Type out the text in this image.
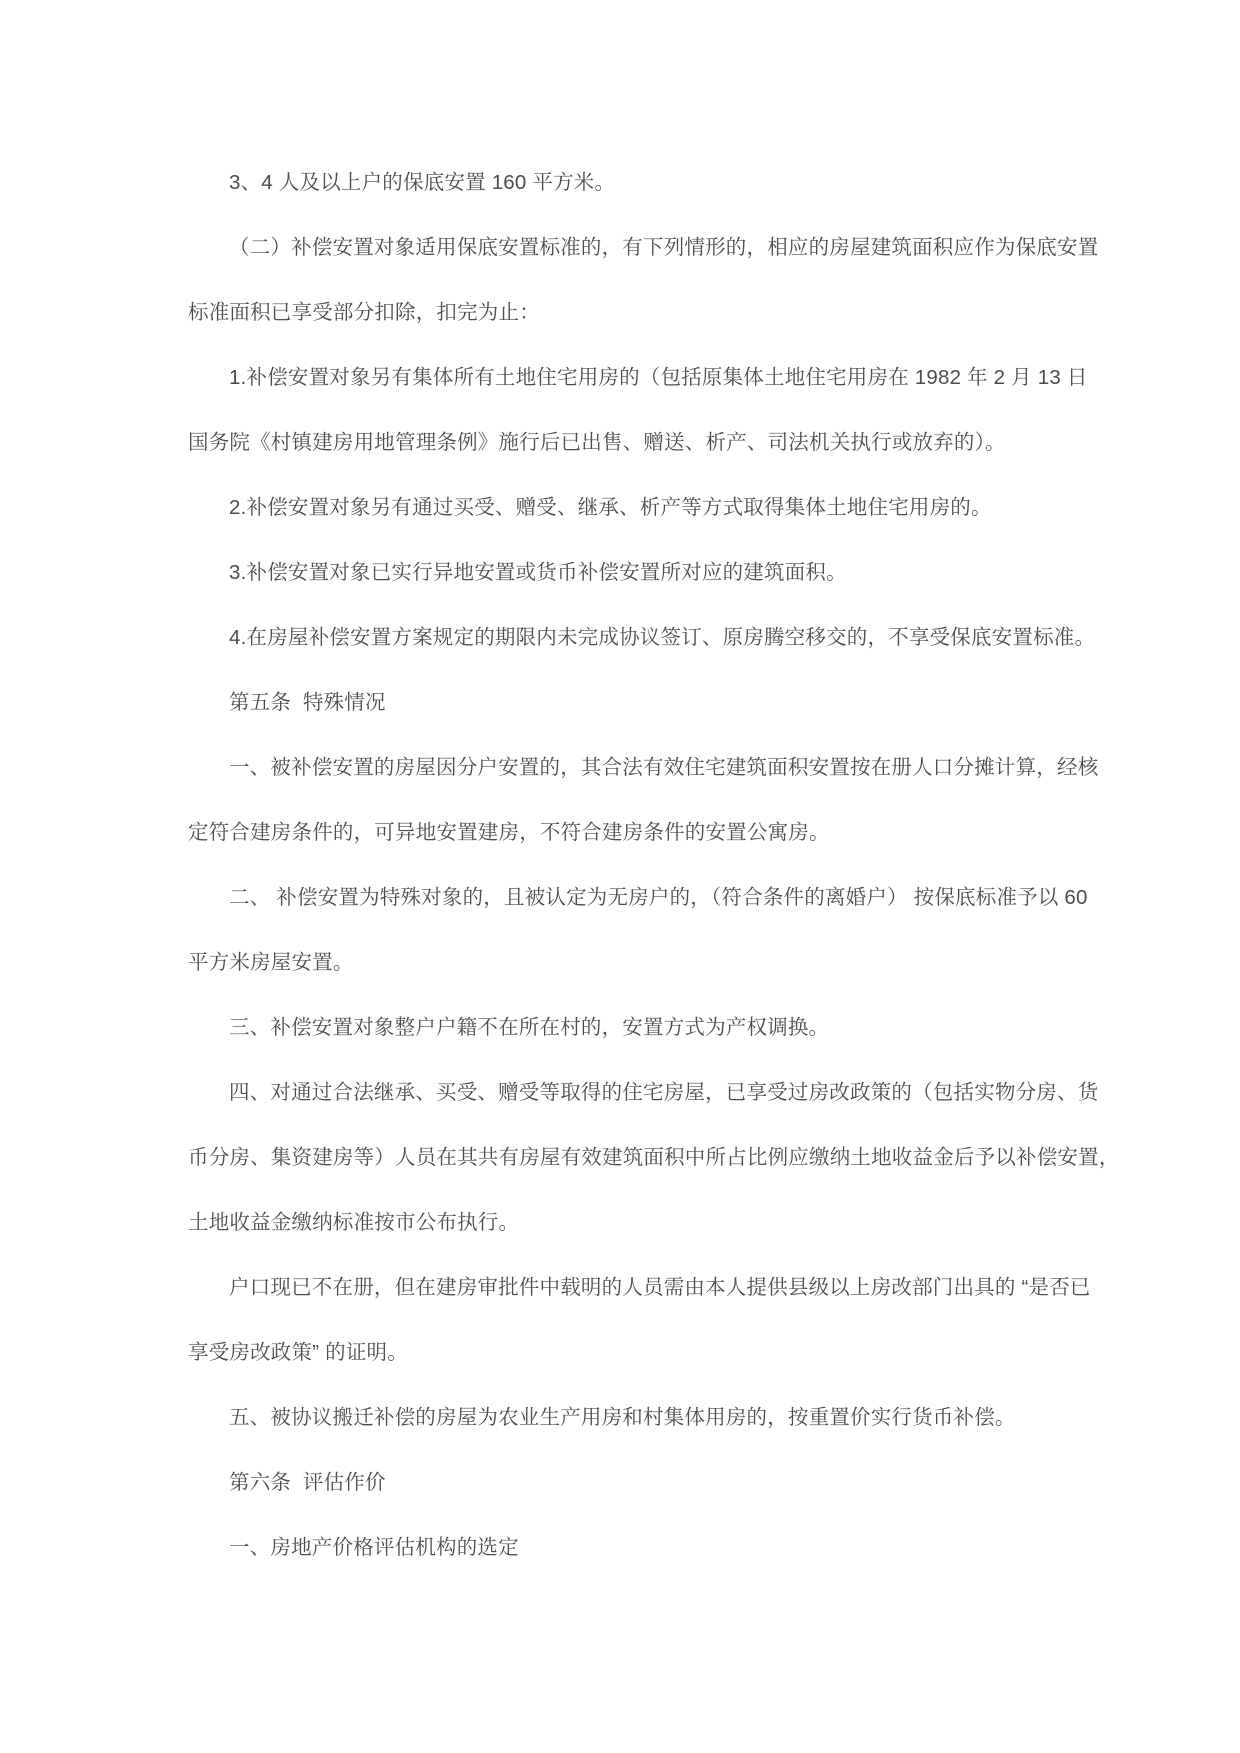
3、4 人及以上户的保底安置 160 平方米。

（二）补偿安置对象适用保底安置标准的，有下列情形的，相应的房屋建筑面积应作为保底安置
标准面积已享受部分扣除，扣完为止：

1.补偿安置对象另有集体所有土地住宅用房的（包括原集体土地住宅用房在 1982 年 2 月 13 日
国务院《村镇建房用地管理条例》施行后已出售、赠送、析产、司法机关执行或放弃的）。

2.补偿安置对象另有通过买受、赠受、继承、析产等方式取得集体土地住宅用房的。

3.补偿安置对象已实行异地安置或货币补偿安置所对应的建筑面积。

4.在房屋补偿安置方案规定的期限内未完成协议签订、原房腾空移交的，不享受保底安置标准。

第五条  特殊情况

一、被补偿安置的房屋因分户安置的，其合法有效住宅建筑面积安置按在册人口分摊计算，经核
定符合建房条件的，可异地安置建房，不符合建房条件的安置公寓房。

二、 补偿安置为特殊对象的，且被认定为无房户的，（符合条件的离婚户） 按保底标准予以 60
平方米房屋安置。

三、补偿安置对象整户户籍不在所在村的，安置方式为产权调换。

四、对通过合法继承、买受、赠受等取得的住宅房屋，已享受过房改政策的（包括实物分房、货
币分房、集资建房等）人员在其共有房屋有效建筑面积中所占比例应缴纳土地收益金后予以补偿安置，
土地收益金缴纳标准按市公布执行。

户口现已不在册，但在建房审批件中载明的人员需由本人提供县级以上房改部门出具的 “是否已
享受房改政策” 的证明。

五、被协议搬迁补偿的房屋为农业生产用房和村集体用房的，按重置价实行货币补偿。

第六条  评估作价

一、房地产价格评估机构的选定
